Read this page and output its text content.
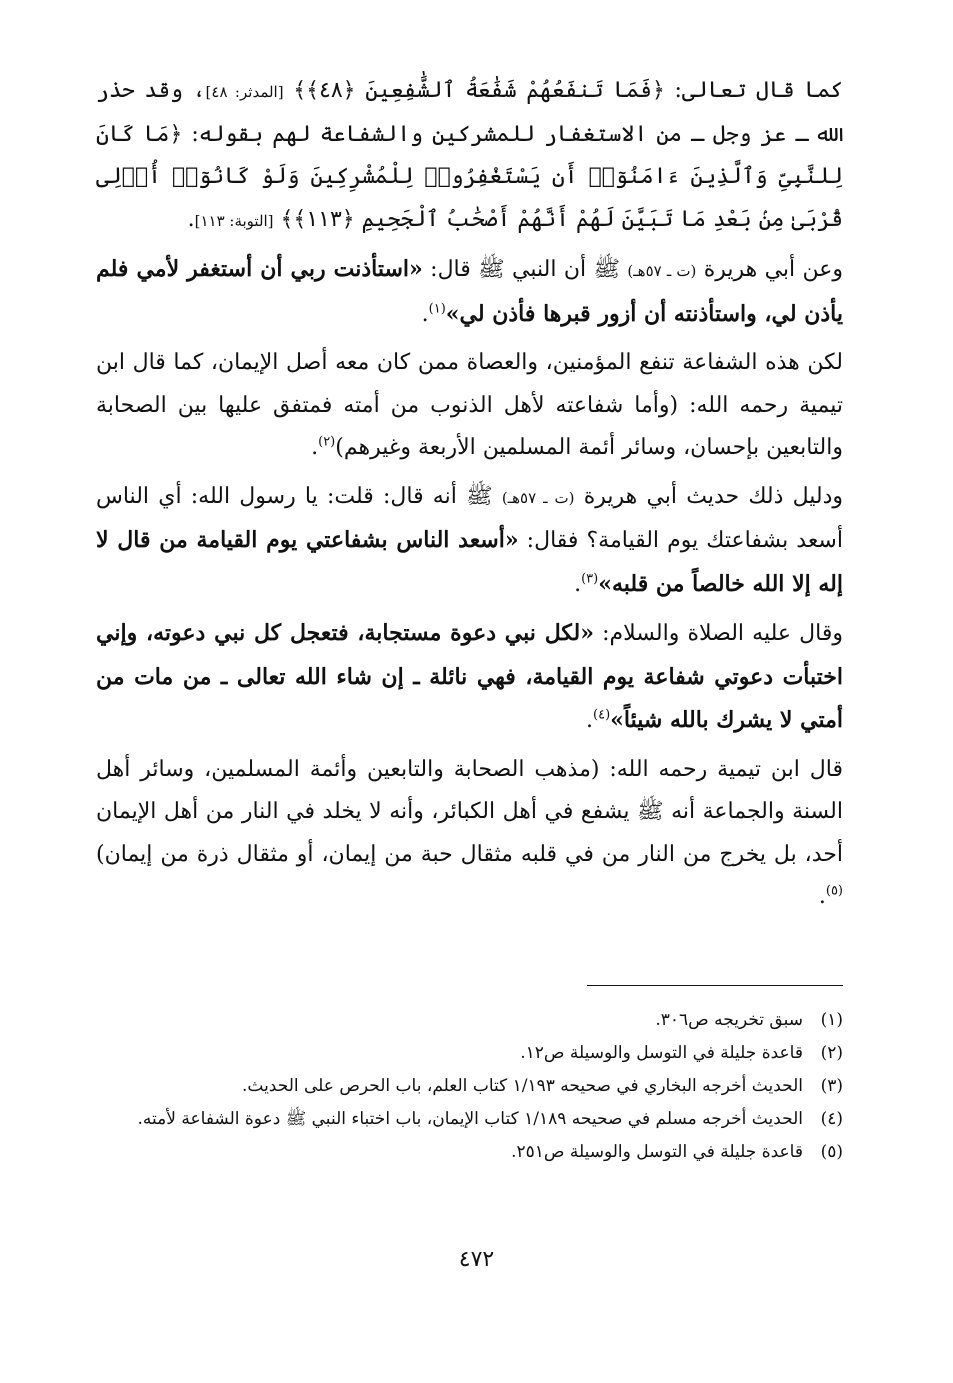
كما قال تعالى: ﴿فَمَا تَنفَعُهُمْ شَفَٰعَةُ ٱلشَّٰفِعِينَ ﴿٤٨﴾﴾ [المدثر: ٤٨]، وقد حذر الله ـ عز وجل ـ من الاستغفار للمشركين والشفاعة لهم بقوله: ﴿مَا كَانَ لِلنَّبِىِّ وَٱلَّذِينَ ءَامَنُوٓا۟ أَن يَسْتَغْفِرُوا۟ لِلْمُشْرِكِينَ وَلَوْ كَانُوٓا۟ أُو۟لِى قُرْبَىٰ مِنۢ بَعْدِ مَا تَبَيَّنَ لَهُمْ أَنَّهُمْ أَصْحَٰبُ ٱلْجَحِيمِ ﴿١١٣﴾﴾ [التوبة: ١١٣].

وعن أبي هريرة (ت ـ ٥٧هـ) ﷺ أن النبي ﷺ قال: «استأذنت ربي أن أستغفر لأمي فلم يأذن لي، واستأذنته أن أزور قبرها فأذن لي»$^{(١)}$.

لكن هذه الشفاعة تنفع المؤمنين، والعصاة ممن كان معه أصل الإيمان، كما قال ابن تيمية رحمه الله: (وأما شفاعته لأهل الذنوب من أمته فمتفق عليها بين الصحابة والتابعين بإحسان، وسائر أئمة المسلمين الأربعة وغيرهم)$^{(٢)}$.

ودليل ذلك حديث أبي هريرة (ت ـ ٥٧هـ) ﷺ أنه قال: قلت: يا رسول الله: أي الناس أسعد بشفاعتك يوم القيامة؟ فقال: «أسعد الناس بشفاعتي يوم القيامة من قال لا إله إلا الله خالصاً من قلبه»$^{(٣)}$.

وقال عليه الصلاة والسلام: «لكل نبي دعوة مستجابة، فتعجل كل نبي دعوته، وإني اختبأت دعوتي شفاعة يوم القيامة، فهي نائلة ـ إن شاء الله تعالى ـ من مات من أمتي لا يشرك بالله شيئاً»$^{(٤)}$.

قال ابن تيمية رحمه الله: (مذهب الصحابة والتابعين وأئمة المسلمين، وسائر أهل السنة والجماعة أنه ﷺ يشفع في أهل الكبائر، وأنه لا يخلد في النار من أهل الإيمان أحد، بل يخرج من النار من في قلبه مثقال حبة من إيمان، أو مثقال ذرة من إيمان)$^{(٥)}$.

(١)
سبق تخريجه ص٣٠٦.
(٢)
قاعدة جليلة في التوسل والوسيلة ص١٢.
(٣)
الحديث أخرجه البخاري في صحيحه ١/١٩٣ كتاب العلم، باب الحرص على الحديث.
(٤)
الحديث أخرجه مسلم في صحيحه ١/١٨٩ كتاب الإيمان، باب اختباء النبي ﷺ دعوة الشفاعة لأمته.
(٥)
قاعدة جليلة في التوسل والوسيلة ص٢٥١.
٤٧٢
